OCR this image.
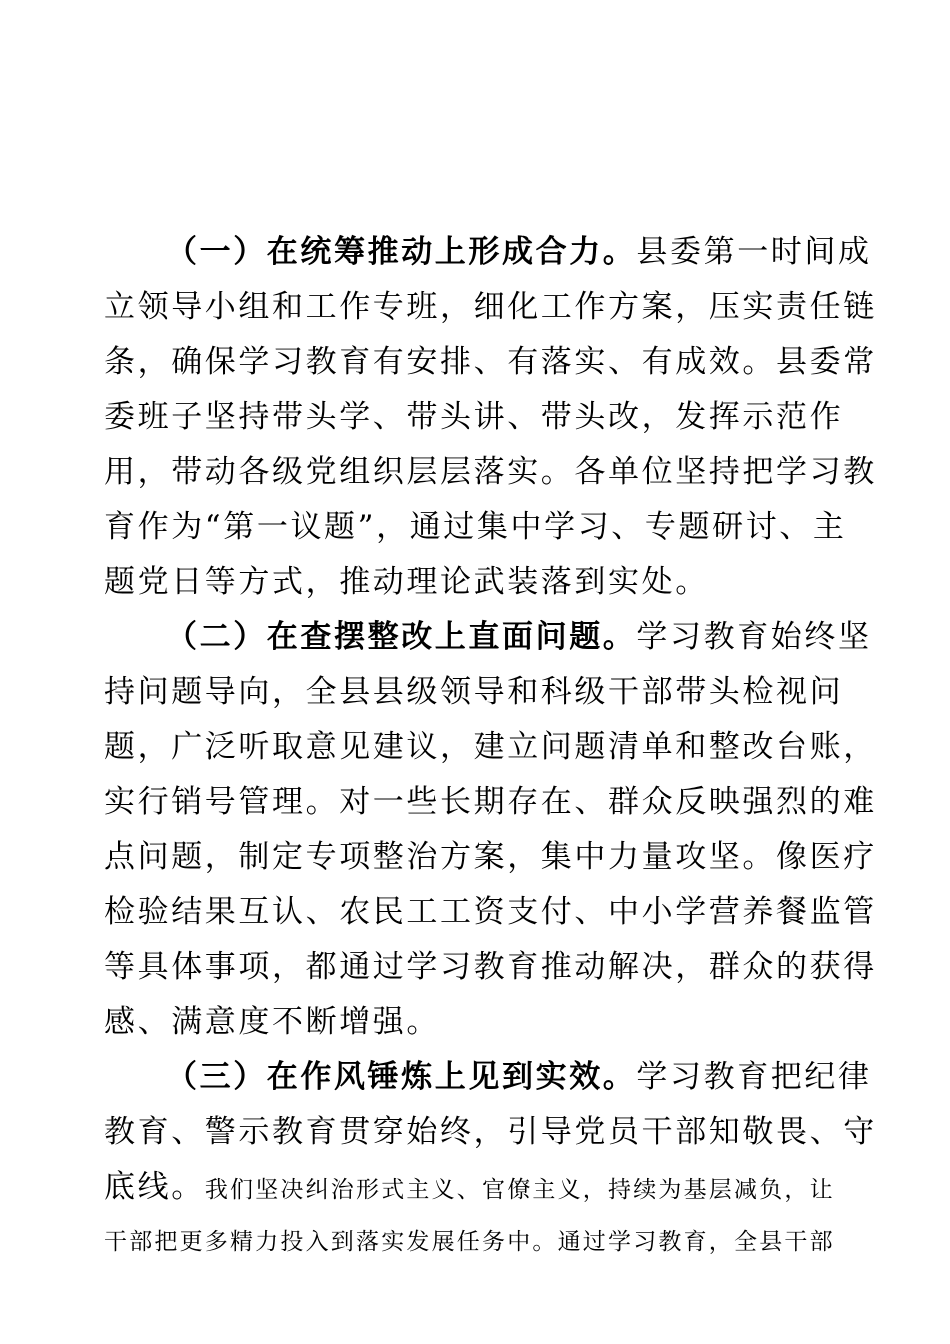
（一）在统筹推动上形成合力。县委第一时间成
立领导小组和工作专班，细化工作方案，压实责任链
条，确保学习教育有安排、有落实、有成效。县委常
委班子坚持带头学、带头讲、带头改，发挥示范作
用，带动各级党组织层层落实。各单位坚持把学习教
育作为“第一议题”，通过集中学习、专题研讨、主
题党日等方式，推动理论武装落到实处。
（二）在查摆整改上直面问题。学习教育始终坚
持问题导向，全县县级领导和科级干部带头检视问
题，广泛听取意见建议，建立问题清单和整改台账，
实行销号管理。对一些长期存在、群众反映强烈的难
点问题，制定专项整治方案，集中力量攻坚。像医疗
检验结果互认、农民工工资支付、中小学营养餐监管
等具体事项，都通过学习教育推动解决，群众的获得
感、满意度不断增强。
（三）在作风锤炼上见到实效。学习教育把纪律
教育、警示教育贯穿始终，引导党员干部知敬畏、守
底线。我们坚决纠治形式主义、官僚主义，持续为基层减负，让
干部把更多精力投入到落实发展任务中。通过学习教育，全县干部
